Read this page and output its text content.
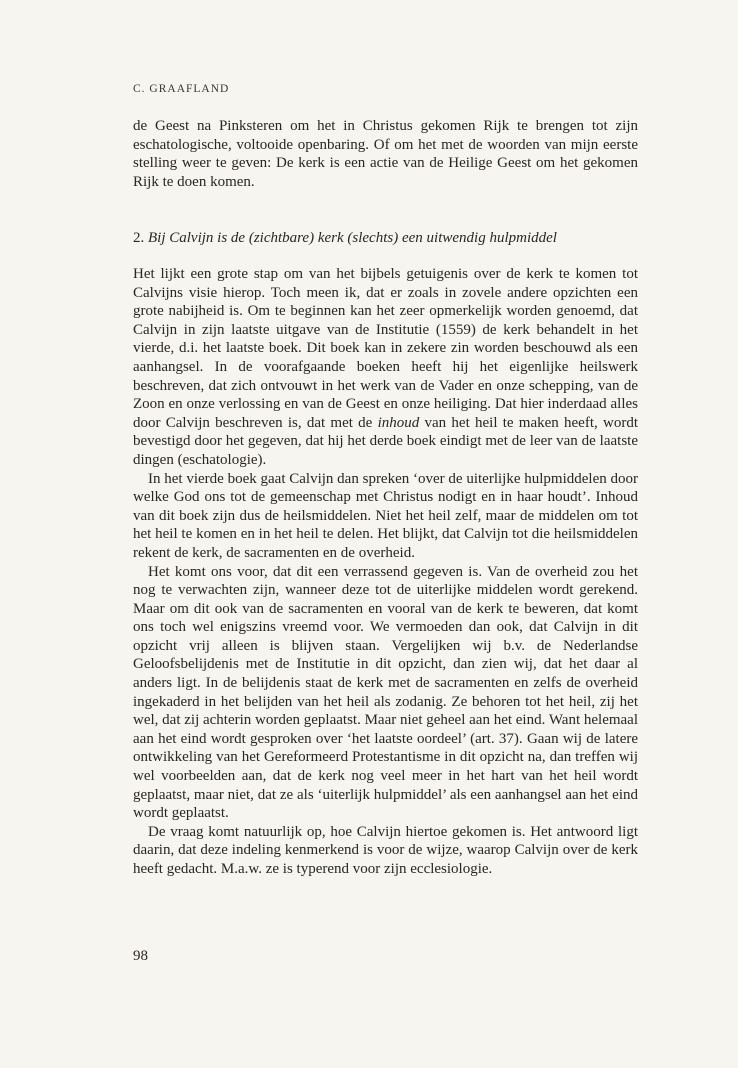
C. GRAAFLAND
de Geest na Pinksteren om het in Christus gekomen Rijk te brengen tot zijn eschatologische, voltooide openbaring. Of om het met de woorden van mijn eerste stelling weer te geven: De kerk is een actie van de Heilige Geest om het gekomen Rijk te doen komen.
2. Bij Calvijn is de (zichtbare) kerk (slechts) een uitwendig hulpmiddel

Het lijkt een grote stap om van het bijbels getuigenis over de kerk te komen tot Calvijns visie hierop. Toch meen ik, dat er zoals in zovele andere opzichten een grote nabijheid is. Om te beginnen kan het zeer opmerkelijk worden genoemd, dat Calvijn in zijn laatste uitgave van de Institutie (1559) de kerk behandelt in het vierde, d.i. het laatste boek. Dit boek kan in zekere zin worden beschouwd als een aanhangsel. In de voorafgaande boeken heeft hij het eigenlijke heilswerk beschreven, dat zich ontvouwt in het werk van de Vader en onze schepping, van de Zoon en onze verlossing en van de Geest en onze heiliging. Dat hier inderdaad alles door Calvijn beschreven is, dat met de inhoud van het heil te maken heeft, wordt bevestigd door het gegeven, dat hij het derde boek eindigt met de leer van de laatste dingen (eschatologie).

In het vierde boek gaat Calvijn dan spreken ‘over de uiterlijke hulpmiddelen door welke God ons tot de gemeenschap met Christus nodigt en in haar houdt’. Inhoud van dit boek zijn dus de heilsmiddelen. Niet het heil zelf, maar de middelen om tot het heil te komen en in het heil te delen. Het blijkt, dat Calvijn tot die heilsmiddelen rekent de kerk, de sacramenten en de overheid.

Het komt ons voor, dat dit een verrassend gegeven is. Van de overheid zou het nog te verwachten zijn, wanneer deze tot de uiterlijke middelen wordt gerekend. Maar om dit ook van de sacramenten en vooral van de kerk te beweren, dat komt ons toch wel enigszins vreemd voor. We vermoeden dan ook, dat Calvijn in dit opzicht vrij alleen is blijven staan. Vergelijken wij b.v. de Nederlandse Geloofsbelijdenis met de Institutie in dit opzicht, dan zien wij, dat het daar al anders ligt. In de belijdenis staat de kerk met de sacramenten en zelfs de overheid ingekaderd in het belijden van het heil als zodanig. Ze behoren tot het heil, zij het wel, dat zij achterin worden geplaatst. Maar niet geheel aan het eind. Want helemaal aan het eind wordt gesproken over ‘het laatste oordeel’ (art. 37). Gaan wij de latere ontwikkeling van het Gereformeerd Protestantisme in dit opzicht na, dan treffen wij wel voorbeelden aan, dat de kerk nog veel meer in het hart van het heil wordt geplaatst, maar niet, dat ze als ‘uiterlijk hulpmiddel’ als een aanhangsel aan het eind wordt geplaatst.

De vraag komt natuurlijk op, hoe Calvijn hiertoe gekomen is. Het antwoord ligt daarin, dat deze indeling kenmerkend is voor de wijze, waarop Calvijn over de kerk heeft gedacht. M.a.w. ze is typerend voor zijn ecclesiologie.

98
